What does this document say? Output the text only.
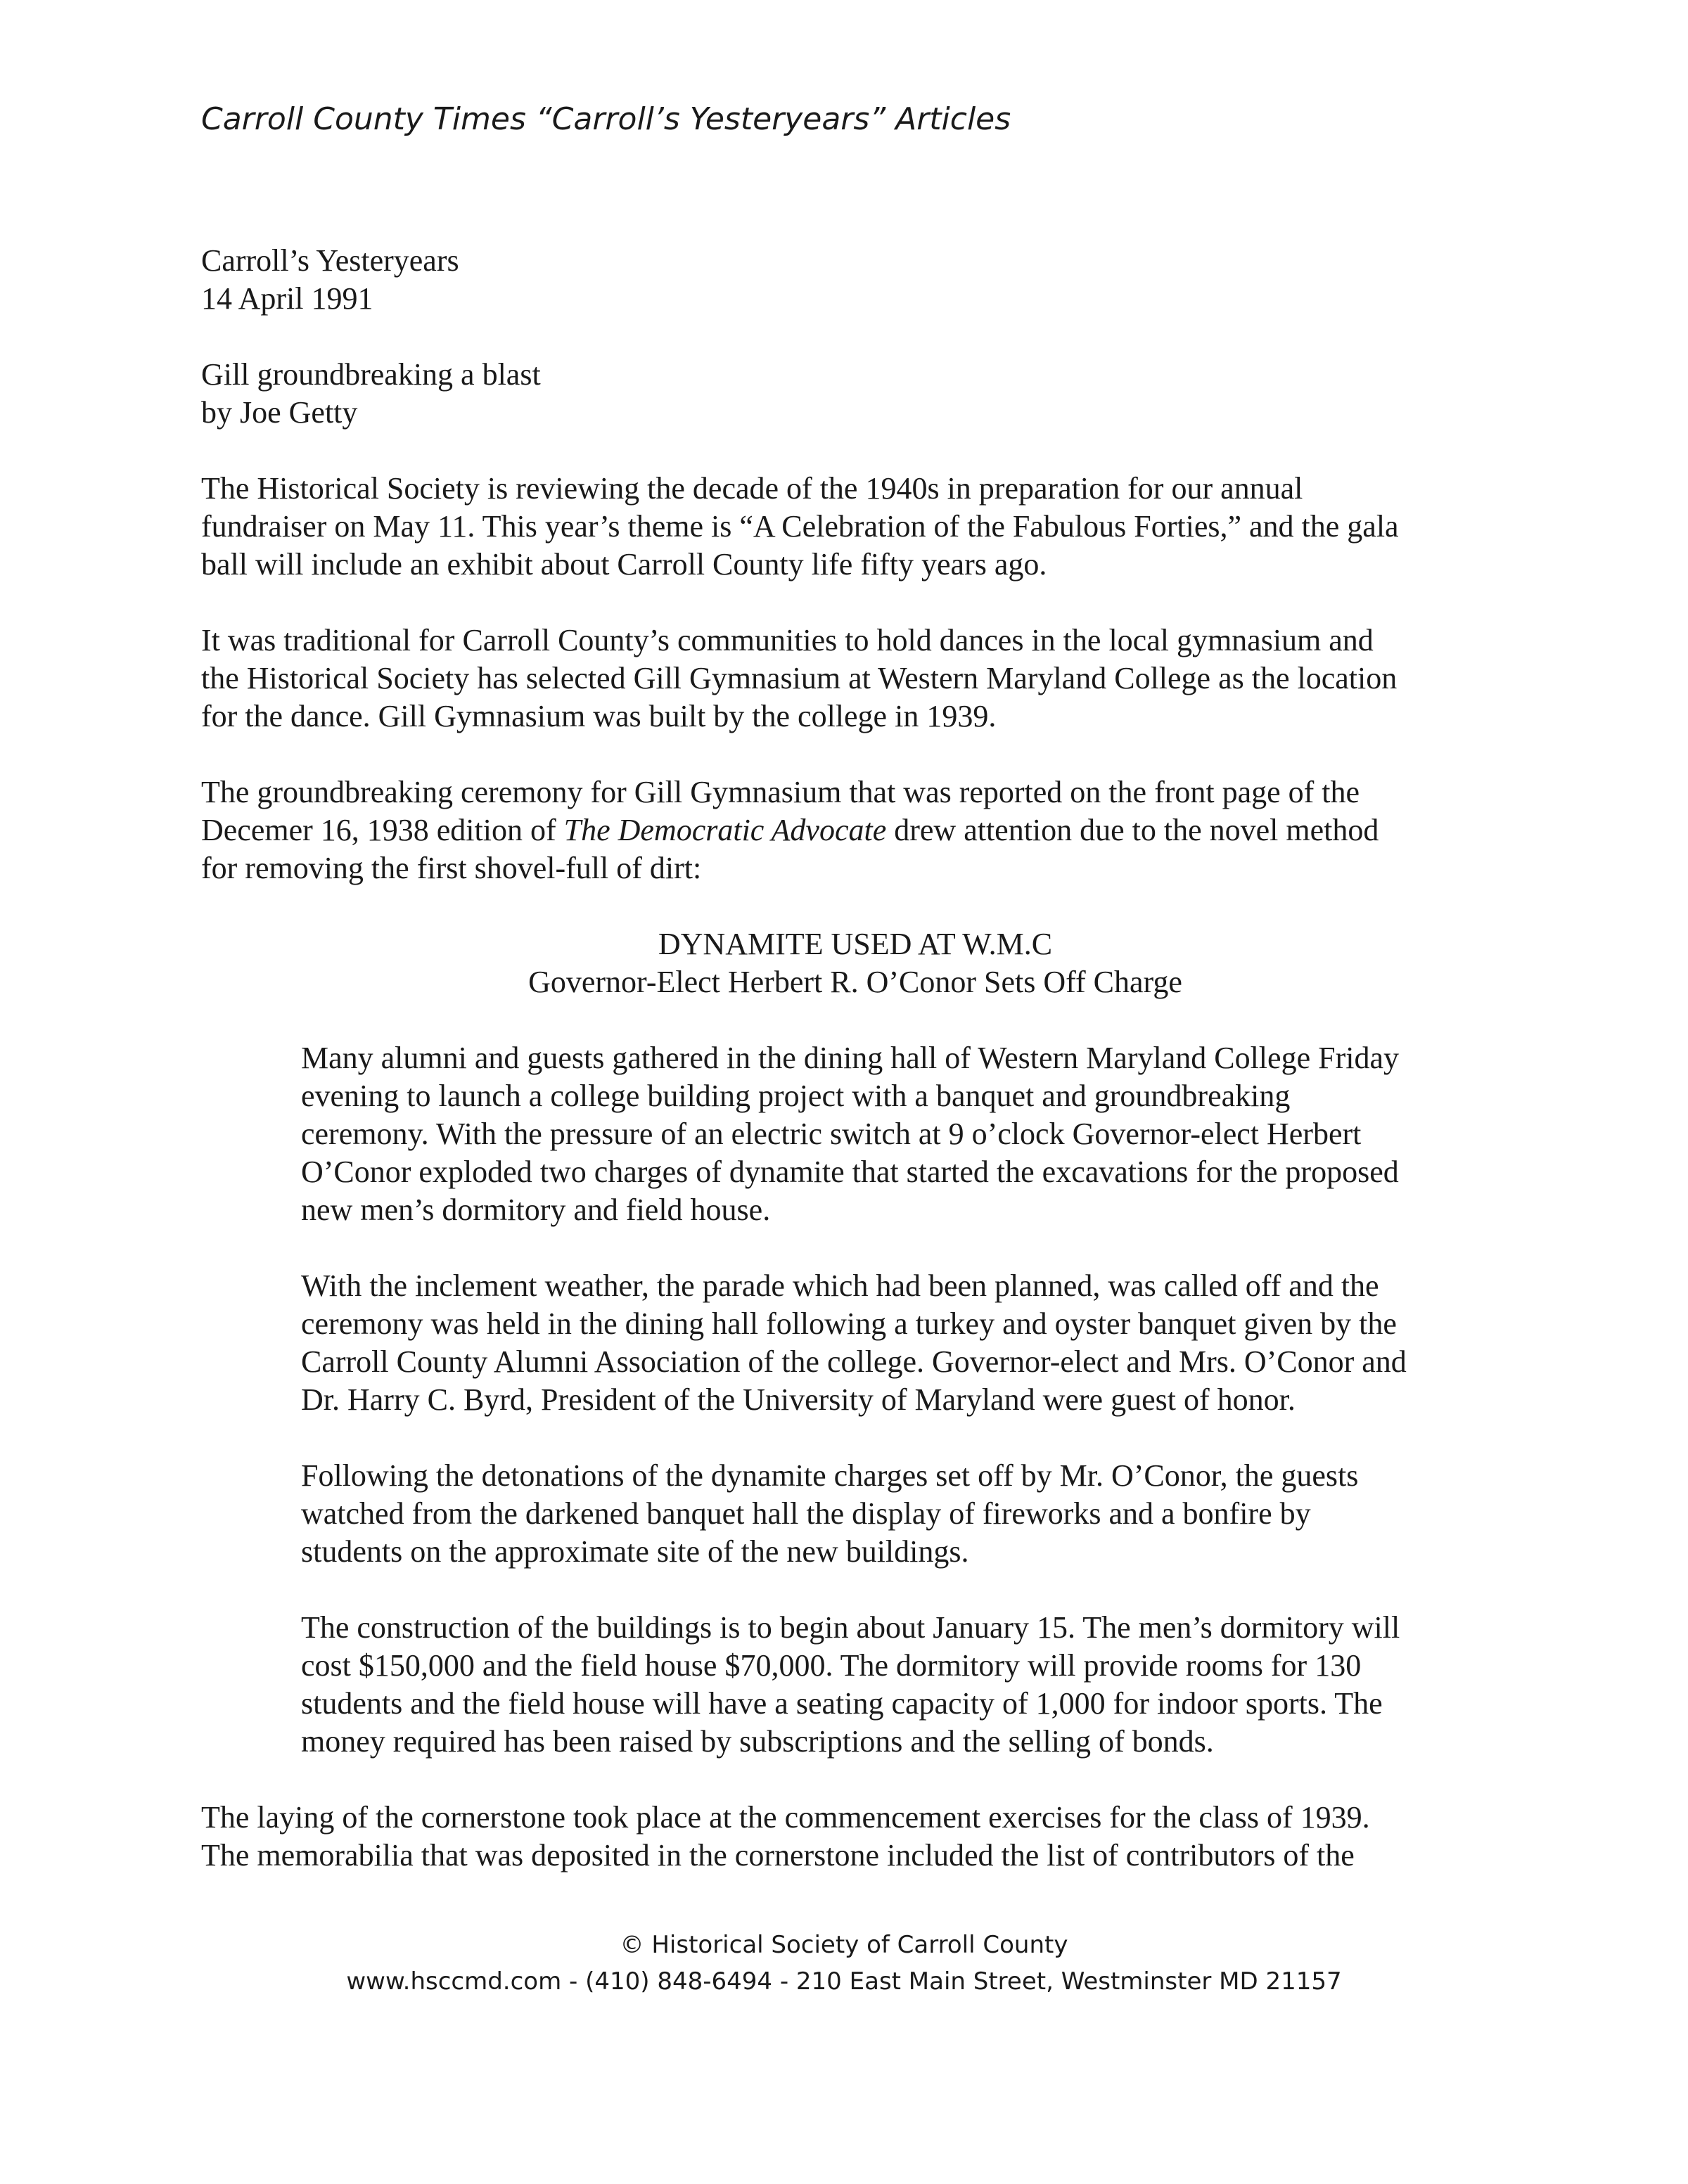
Carroll County Times “Carroll’s Yesteryears” Articles
Carroll’s Yesteryears
14 April 1991
Gill groundbreaking a blast
by Joe Getty
The Historical Society is reviewing the decade of the 1940s in preparation for our annual
fundraiser on May 11. This year’s theme is “A Celebration of the Fabulous Forties,” and the gala
ball will include an exhibit about Carroll County life fifty years ago.
It was traditional for Carroll County’s communities to hold dances in the local gymnasium and
the Historical Society has selected Gill Gymnasium at Western Maryland College as the location
for the dance. Gill Gymnasium was built by the college in 1939.
The groundbreaking ceremony for Gill Gymnasium that was reported on the front page of the
Decemer 16, 1938 edition of The Democratic Advocate drew attention due to the novel method
for removing the first shovel-full of dirt:
DYNAMITE USED AT W.M.C
Governor-Elect Herbert R. O’Conor Sets Off Charge
Many alumni and guests gathered in the dining hall of Western Maryland College Friday
evening to launch a college building project with a banquet and groundbreaking
ceremony. With the pressure of an electric switch at 9 o’clock Governor-elect Herbert
O’Conor exploded two charges of dynamite that started the excavations for the proposed
new men’s dormitory and field house.
With the inclement weather, the parade which had been planned, was called off and the
ceremony was held in the dining hall following a turkey and oyster banquet given by the
Carroll County Alumni Association of the college. Governor-elect and Mrs. O’Conor and
Dr. Harry C. Byrd, President of the University of Maryland were guest of honor.
Following the detonations of the dynamite charges set off by Mr. O’Conor, the guests
watched from the darkened banquet hall the display of fireworks and a bonfire by
students on the approximate site of the new buildings.
The construction of the buildings is to begin about January 15. The men’s dormitory will
cost $150,000 and the field house $70,000. The dormitory will provide rooms for 130
students and the field house will have a seating capacity of 1,000 for indoor sports. The
money required has been raised by subscriptions and the selling of bonds.
The laying of the cornerstone took place at the commencement exercises for the class of 1939.
The memorabilia that was deposited in the cornerstone included the list of contributors of the
© Historical Society of Carroll County
www.hsccmd.com - (410) 848-6494 - 210 East Main Street, Westminster MD 21157
